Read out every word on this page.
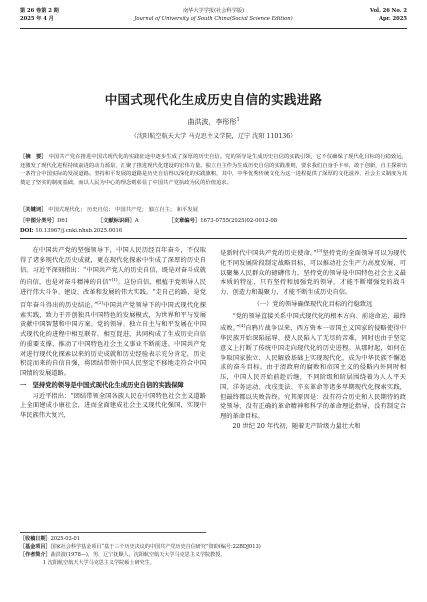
第 26 卷第 2 期
2025 年 4 月
南华大学学报(社会科学版)
Journal of University of South China(Social Science Edition)
Vol. 26 No. 2
Apr. 2025
中国式现代化生成历史自信的实践进路
曲洪波，李彤彤$^1$
（沈阳航空航天大学 马克思主义学院，辽宁 沈阳 110136）
［摘　要］ 中国共产党在推进中国式现代化的实践征途中逐步生成了深厚的历史自信。党的领导是生成历史自信的实践引领，它不仅确保了现代化目标的行稳致远，还激发了现代化进程持续前进的动力源泉，汇聚了推进现代化建设的宏伟力量。独立自主作为生成历史自信的实践准则，要求我们自身手卡举、敢于创新，自主探索出一条符合中国实际的发展道路。坚持和平发展的道路是历史自信得以深化的实践旗帜，其中，中华优秀传统文化为这一进程提供了深厚的文化滋养，社会主义制度为其奠定了坚实的制度基础，而以人民为中心的理念则彰显了中国共产党执政为民的价值追求。
［关键词］ 中国式现代化； 历史自信； 中国共产党； 独立自主； 和平发展
［中图分类号］D61	［文献标识码］A	［文章编号］1673-0755(2025)02-0012-08
DOI: 10.13967/j.cnki.nhxb.2025.0016

在中国共产党的坚强领导下，中国人民历经百年奋斗，不仅取得了诸多现代化历史成就，更在现代化探索中生成了深厚的历史自信。习近平深刻指出：“中国共产党人的历史自信，既是对奋斗成就的自信，也是对奋斗精神的自信”[1]。这份自信，根植于党领导人民进行伟大斗争、建设、改革和发展的伟大实践。“走自己的路，是党百年奋斗得出的历史结论。”[2]中国共产党领导下的中国式现代化探索实践，致力于开创独具中国特色的发展模式，为世界和平与发展贡献中国智慧和中国方案。党的领导、独立自主与和平发展在中国式现代化的进程中相互联存，相互促进，共同构成了生成历史自信的重要支撑，推动了中国特色社会主义事业不断前进。中国共产党对进行现代化探索以来的历史成就和历史经验表示充分肯定，历史积淀而来的自信自强，将团结带领中国人民坚定不移地走符合中国国情的发展道路。

一　坚持党的领导是中国式现代化生成历史自信的实践保障

习近平指出：“团结带领全国各族人民在中国特色社会主义道路上全面建成小康社会，进而全面建成社会主义现代化强国，实现中华民族伟大复兴，

是新时代中国共产党的历史使命。”[3]坚持党的全面领导可以为现代化不同发展阶段制定战略目标，可以推动社会生产力高度发展，可以聚集人民群众的磅礴伟力。坚持党的领导是中国特色社会主义最本质的特征，只有坚持和加强党的领导，才能不断增强党的战斗力、创造力和凝聚力，才能不断生成历史自信。

（一）党的领导确保现代化目标的行稳致远

“党的领导直接关系中国式现代化的根本方向、前途命运、最终成败。”[4]自鸦片战争以来，西方资本一帝国主义国家的侵略使得中华民族开始深陷屈辱、使人民陷入了无尽的苦难，同时也由于坚定意义上打断了传统中国走向现代化的历史进程。从那时起，如何在争取国家独立、人民解放基础上实现现代化，成为中华民族不懈追求的奋斗目标。由于清政府的腐败和帝国主义的侵略内外同时相压，中国人民开始前赴后继，不同阶级和阶层围绕着为人人平天国、洋务运动、戊戌变法、辛亥革命等诸多早期现代化探索实践，但最终都以失败告终。究其原因是：没有符合历史和人民期待的政党领导，没有正确的革命精神和科学的革命理论指导，没有制定合理的革命目标。

20 世纪 20 年代初，随着无产阶级力量壮大和

［收稿日期］2025-03-01
［基金项目］国家社会科学基金项目“基于三个历史决议的中国共产党历史自信研究”资助(编号:22BDJ013)
［作者简介］曲洪波(1978—)，男，辽宁抚顺人，沈阳航空航天大学马克思主义学院教授。
1 沈阳航空航天大学马克思主义学院硕士研究生。
